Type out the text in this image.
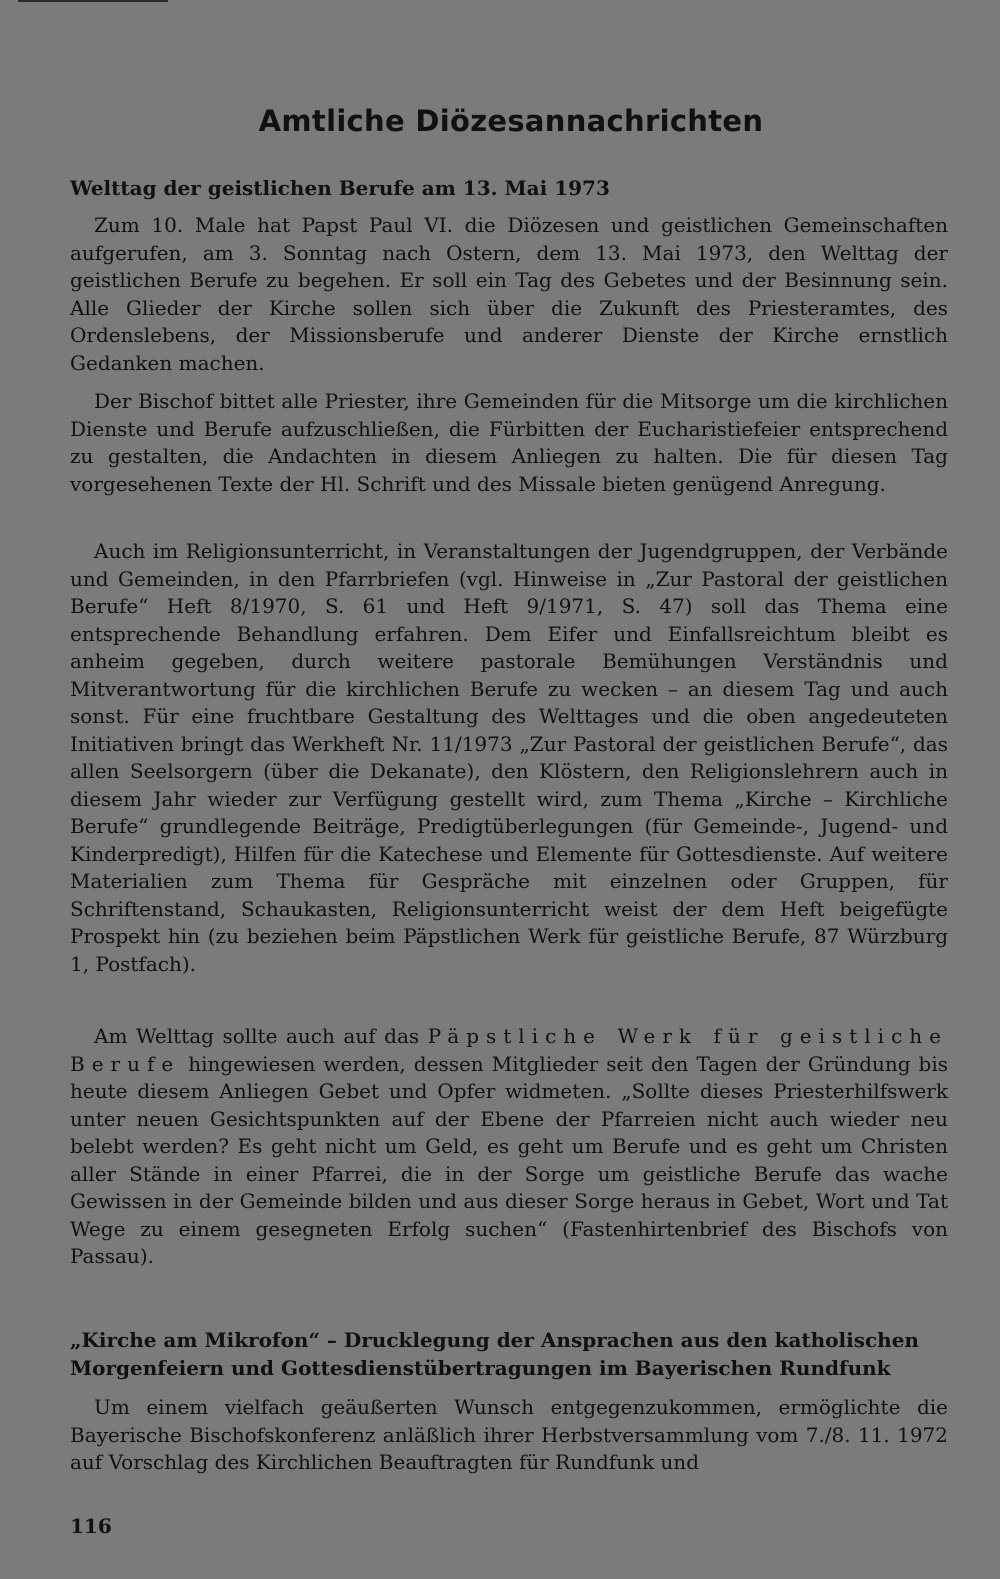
Amtliche Diözesannachrichten
Welttag der geistlichen Berufe am 13. Mai 1973
Zum 10. Male hat Papst Paul VI. die Diözesen und geistlichen Gemeinschaften aufgerufen, am 3. Sonntag nach Ostern, dem 13. Mai 1973, den Welttag der geistlichen Berufe zu begehen. Er soll ein Tag des Gebetes und der Besinnung sein. Alle Glieder der Kirche sollen sich über die Zukunft des Priesteramtes, des Ordenslebens, der Missionsberufe und anderer Dienste der Kirche ernstlich Gedanken machen.
Der Bischof bittet alle Priester, ihre Gemeinden für die Mitsorge um die kirchlichen Dienste und Berufe aufzuschließen, die Fürbitten der Eucharistiefeier entsprechend zu gestalten, die Andachten in diesem Anliegen zu halten. Die für diesen Tag vorgesehenen Texte der Hl. Schrift und des Missale bieten genügend Anregung.
Auch im Religionsunterricht, in Veranstaltungen der Jugendgruppen, der Verbände und Gemeinden, in den Pfarrbriefen (vgl. Hinweise in „Zur Pastoral der geistlichen Berufe“ Heft 8/1970, S. 61 und Heft 9/1971, S. 47) soll das Thema eine entsprechende Behandlung erfahren. Dem Eifer und Einfallsreichtum bleibt es anheim gegeben, durch weitere pastorale Bemühungen Verständnis und Mitverantwortung für die kirchlichen Berufe zu wecken – an diesem Tag und auch sonst. Für eine fruchtbare Gestaltung des Welttages und die oben angedeuteten Initiativen bringt das Werkheft Nr. 11/1973 „Zur Pastoral der geistlichen Berufe“, das allen Seelsorgern (über die Dekanate), den Klöstern, den Religionslehrern auch in diesem Jahr wieder zur Verfügung gestellt wird, zum Thema „Kirche – Kirchliche Berufe“ grundlegende Beiträge, Predigtüberlegungen (für Gemeinde-, Jugend- und Kinderpredigt), Hilfen für die Katechese und Elemente für Gottesdienste. Auf weitere Materialien zum Thema für Gespräche mit einzelnen oder Gruppen, für Schriftenstand, Schaukasten, Religionsunterricht weist der dem Heft beigefügte Prospekt hin (zu beziehen beim Päpstlichen Werk für geistliche Berufe, 87 Würzburg 1, Postfach).
Am Welttag sollte auch auf das Päpstliche Werk für geistliche Berufe hingewiesen werden, dessen Mitglieder seit den Tagen der Gründung bis heute diesem Anliegen Gebet und Opfer widmeten. „Sollte dieses Priesterhilfswerk unter neuen Gesichtspunkten auf der Ebene der Pfarreien nicht auch wieder neu belebt werden? Es geht nicht um Geld, es geht um Berufe und es geht um Christen aller Stände in einer Pfarrei, die in der Sorge um geistliche Berufe das wache Gewissen in der Gemeinde bilden und aus dieser Sorge heraus in Gebet, Wort und Tat Wege zu einem gesegneten Erfolg suchen“ (Fastenhirtenbrief des Bischofs von Passau).
„Kirche am Mikrofon“ – Drucklegung der Ansprachen aus den katholischen Morgenfeiern und Gottesdienstübertragungen im Bayerischen Rundfunk
Um einem vielfach geäußerten Wunsch entgegenzukommen, ermöglichte die Bayerische Bischofskonferenz anläßlich ihrer Herbstversammlung vom 7./8. 11. 1972 auf Vorschlag des Kirchlichen Beauftragten für Rundfunk und
116
